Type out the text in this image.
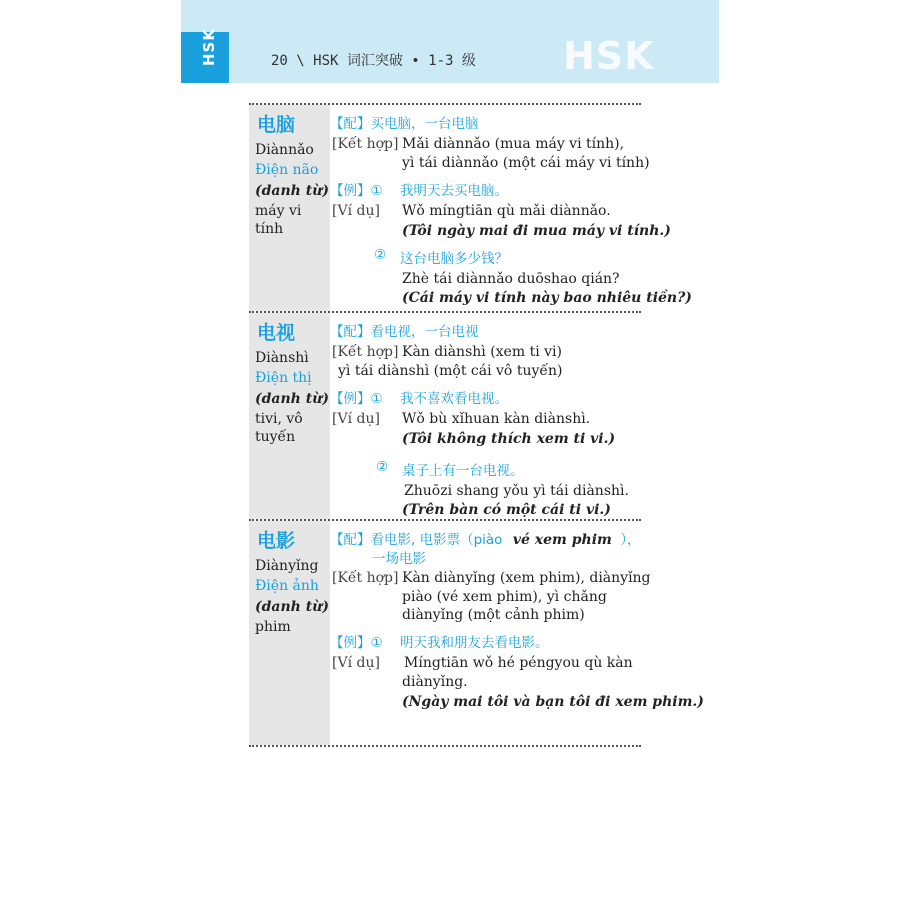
HSK	20 \ HSK 词汇突破 • 1-3 级 HSK
电脑
Diànnǎo
Điện não
(danh từ)
máy vi
tính
【配】买电脑，一台电脑
[Kết hợp] Mǎi diànnǎo (mua máy vi tính),
yì tái diànnǎo (một cái máy vi tính)
【例】① 我明天去买电脑。
[Ví dụ] Wǒ míngtiān qù mǎi diànnǎo.
(Tôi ngày mai đi mua máy vi tính.)
② 这台电脑多少钱？
Zhè tái diànnǎo duōshao qián?
(Cái máy vi tính này bao nhiêu tiền?)
电视
Diànshì
Điện thị
(danh từ)
tivi, vô
tuyến
【配】看电视，一台电视
[Kết hợp] Kàn diànshì (xem ti vi)
yì tái diànshì (một cái vô tuyến)
【例】① 我不喜欢看电视。
[Ví dụ] Wǒ bù xǐhuan kàn diànshì.
(Tôi không thích xem ti vi.)
② 桌子上有一台电视。
Zhuōzi shang yǒu yì tái diànshì.
(Trên bàn có một cái ti vi.)
电影
Diànyǐng
Điện ảnh
(danh từ)
phim
【配】看电影, 电影票（piào vé xem phim ），
一场电影
[Kết hợp] Kàn diànyǐng (xem phim), diànyǐng
piào (vé xem phim), yì chǎng
diànyǐng (một cảnh phim)
【例】① 明天我和朋友去看电影。
[Ví dụ] Míngtiān wǒ hé péngyou qù kàn
diànyǐng.
(Ngày mai tôi và bạn tôi đi xem phim.)
